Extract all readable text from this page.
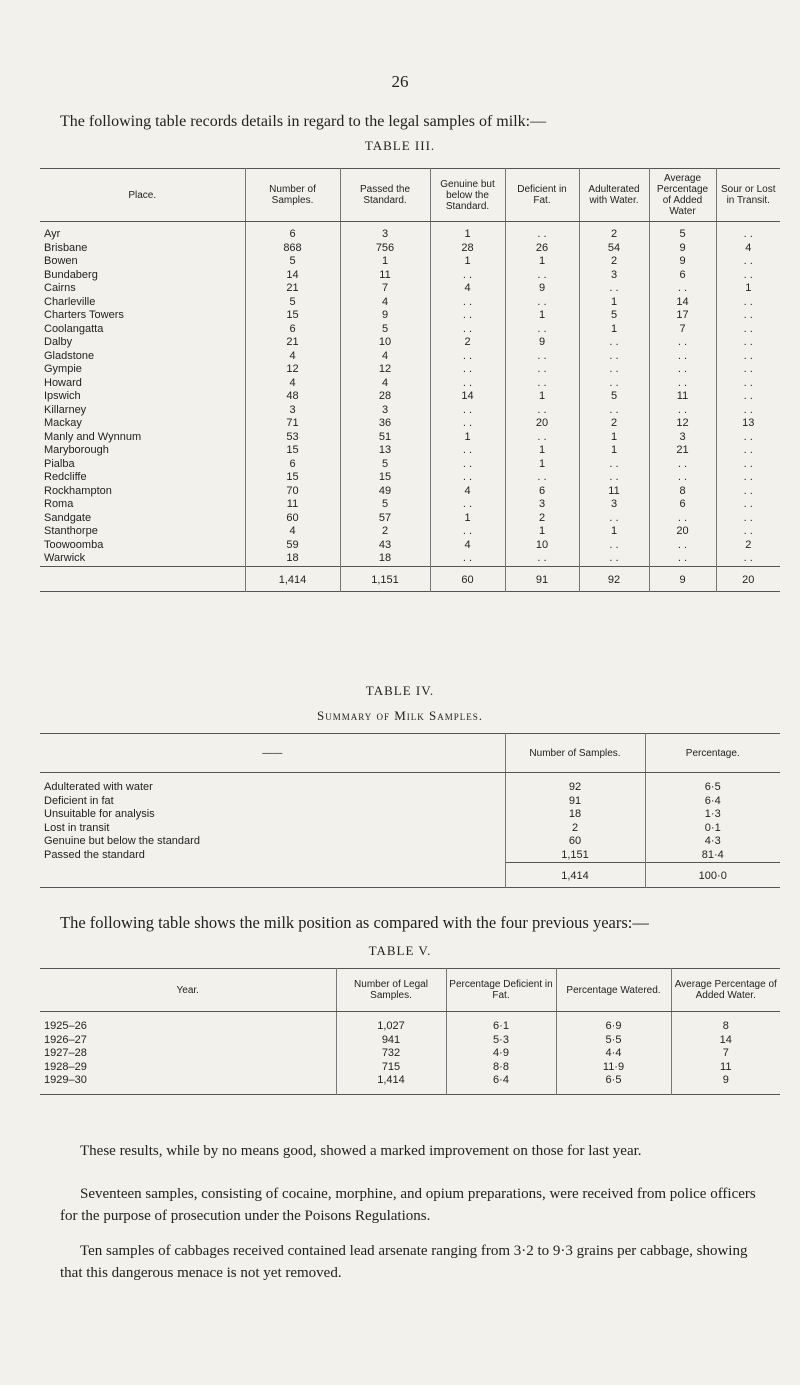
26
The following table records details in regard to the legal samples of milk:—
TABLE III.
Place.	Number of Samples.	Passed the Standard.	Genuine but below the Standard.	Deficient in Fat.	Adulterated with Water.	Average Percentage of Added Water	Sour or Lost in Transit.
Ayr	6	3	1	. .	2	5	. .
Brisbane	868	756	28	26	54	9	4
Bowen	5	1	1	1	2	9	. .
Bundaberg	14	11	. .	. .	3	6	. .
Cairns	21	7	4	9	. .	. .	1
Charleville	5	4	. .	. .	1	14	. .
Charters Towers	15	9	. .	1	5	17	. .
Coolangatta	6	5	. .	. .	1	7	. .
Dalby	21	10	2	9	. .	. .	. .
Gladstone	4	4	. .	. .	. .	. .	. .
Gympie	12	12	. .	. .	. .	. .	. .
Howard	4	4	. .	. .	. .	. .	. .
Ipswich	48	28	14	1	5	11	. .
Killarney	3	3	. .	. .	. .	. .	. .
Mackay	71	36	. .	20	2	12	13
Manly and Wynnum	53	51	1	. .	1	3	. .
Maryborough	15	13	. .	1	1	21	. .
Pialba	6	5	. .	1	. .	. .	. .
Redcliffe	15	15	. .	. .	. .	. .	. .
Rockhampton	70	49	4	6	11	8	. .
Roma	11	5	. .	3	3	6	. .
Sandgate	60	57	1	2	. .	. .	. .
Stanthorpe	4	2	. .	1	1	20	. .
Toowoomba	59	43	4	10	. .	. .	2
Warwick	18	18	. .	. .	. .	. .	. .
	1,414	1,151	60	91	92	9	20
TABLE IV.
Summary of Milk Samples.
——	Number of Samples.	Percentage.
Adulterated with water	92	6·5
Deficient in fat	91	6·4
Unsuitable for analysis	18	1·3
Lost in transit	2	0·1
Genuine but below the standard	60	4·3
Passed the standard	1,151	81·4
	1,414	100·0
The following table shows the milk position as compared with the four previous years:—
TABLE V.
Year.	Number of Legal Samples.	Percentage Deficient in Fat.	Percentage Watered.	Average Percentage of Added Water.
1925–26	1,027	6·1	6·9	8
1926–27	941	5·3	5·5	14
1927–28	732	4·9	4·4	7
1928–29	715	8·8	11·9	11
1929–30	1,414	6·4	6·5	9
These results, while by no means good, showed a marked improvement on those for last year.
Seventeen samples, consisting of cocaine, morphine, and opium preparations, were received from police officers for the purpose of prosecution under the Poisons Regulations.
Ten samples of cabbages received contained lead arsenate ranging from 3·2 to 9·3 grains per cabbage, showing that this dangerous menace is not yet removed.
